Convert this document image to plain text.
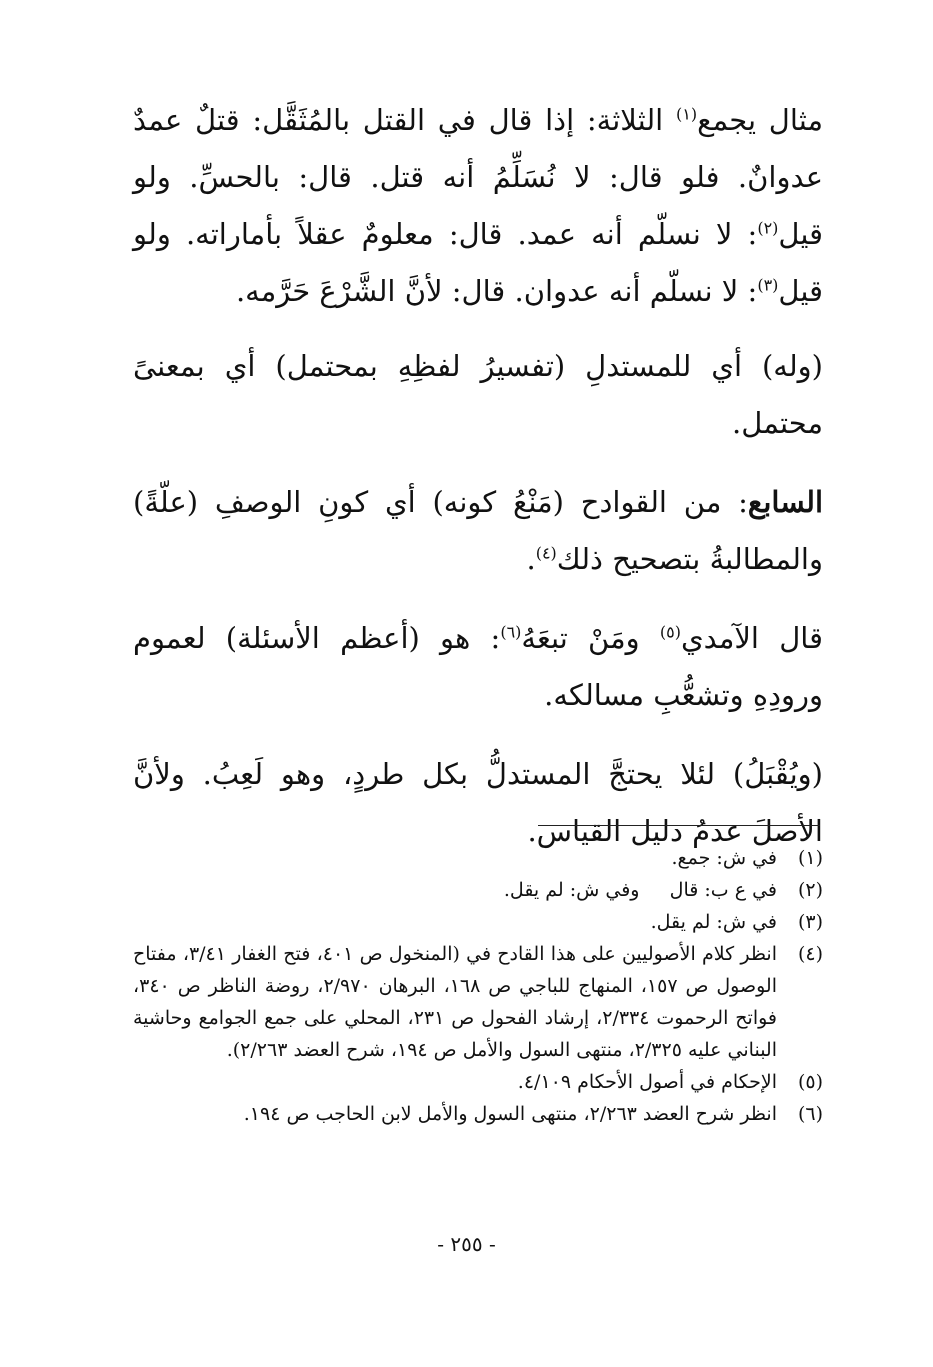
مثال يجمع$^{(١)}$ الثلاثة: إذا قال في القتل بالمُثَقَّل: قتلٌ عمدٌ عدوانٌ. فلو قال: لا نُسَلِّمُ أنه قتل. قال: بالحسِّ. ولو قيل$^{(٢)}$: لا نسلّم أنه عمد. قال: معلومٌ عقلاً بأماراته. ولو قيل$^{(٣)}$: لا نسلّم أنه عدوان. قال: لأنَّ الشَّرْعَ حَرَّمه.

(وله) أي للمستدلِ (تفسيرُ لفظِهِ بمحتمل) أي بمعنىً محتمل.

السابع: من القوادح (مَنْعُ كونه) أي كونِ الوصفِ (علّةً) والمطالبةُ بتصحيح ذلك$^{(٤)}$.

قال الآمدي$^{(٥)}$ ومَنْ تبعَهُ$^{(٦)}$: هو (أعظم الأسئلة) لعموم ورودِهِ وتشعُّبِ مسالكه.

(ويُقْبَلُ) لئلا يحتجَّ المستدلُّ بكل طردٍ، وهو لَعِبُ. ولأنَّ الأصلَ عدمُ دليل القياس.

(١)
في ش: جمع.
(٢)
في ع ب: قال     وفي ش: لم يقل.
(٣)
في ش: لم يقل.
(٤)
انظر كلام الأصوليين على هذا القادح في (المنخول ص ٤٠١، فتح الغفار ٣/٤١، مفتاح الوصول ص ١٥٧، المنهاج للباجي ص ١٦٨، البرهان ٢/٩٧٠، روضة الناظر ص ٣٤٠، فواتح الرحموت ٢/٣٣٤، إرشاد الفحول ص ٢٣١، المحلي على جمع الجوامع وحاشية البناني عليه ٢/٣٢٥، منتهى السول والأمل ص ١٩٤، شرح العضد ٢/٢٦٣).
(٥)
الإحكام في أصول الأحكام ٤/١٠٩.
(٦)
انظر شرح العضد ٢/٢٦٣، منتهى السول والأمل لابن الحاجب ص ١٩٤.
- ٢٥٥ -
